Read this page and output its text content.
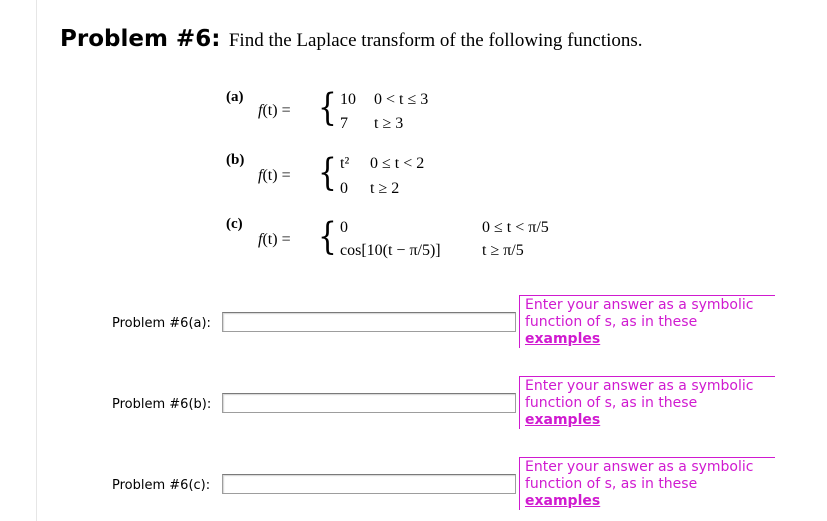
Problem #6: Find the Laplace transform of the following functions.
(a)
f(t) = { 10 0 < t ≤ 3
7 t ≥ 3
(b)
f(t) = { t² 0 ≤ t < 2
0 t ≥ 2
(c)
f(t) = { 0	0 ≤ t < π/5
cos[10(t − π/5)]	t ≥ π/5
Problem #6(a):
Enter your answer as a symbolic function of s, as in these
examples
Problem #6(b):
Enter your answer as a symbolic function of s, as in these
examples
Problem #6(c):
Enter your answer as a symbolic function of s, as in these
examples
